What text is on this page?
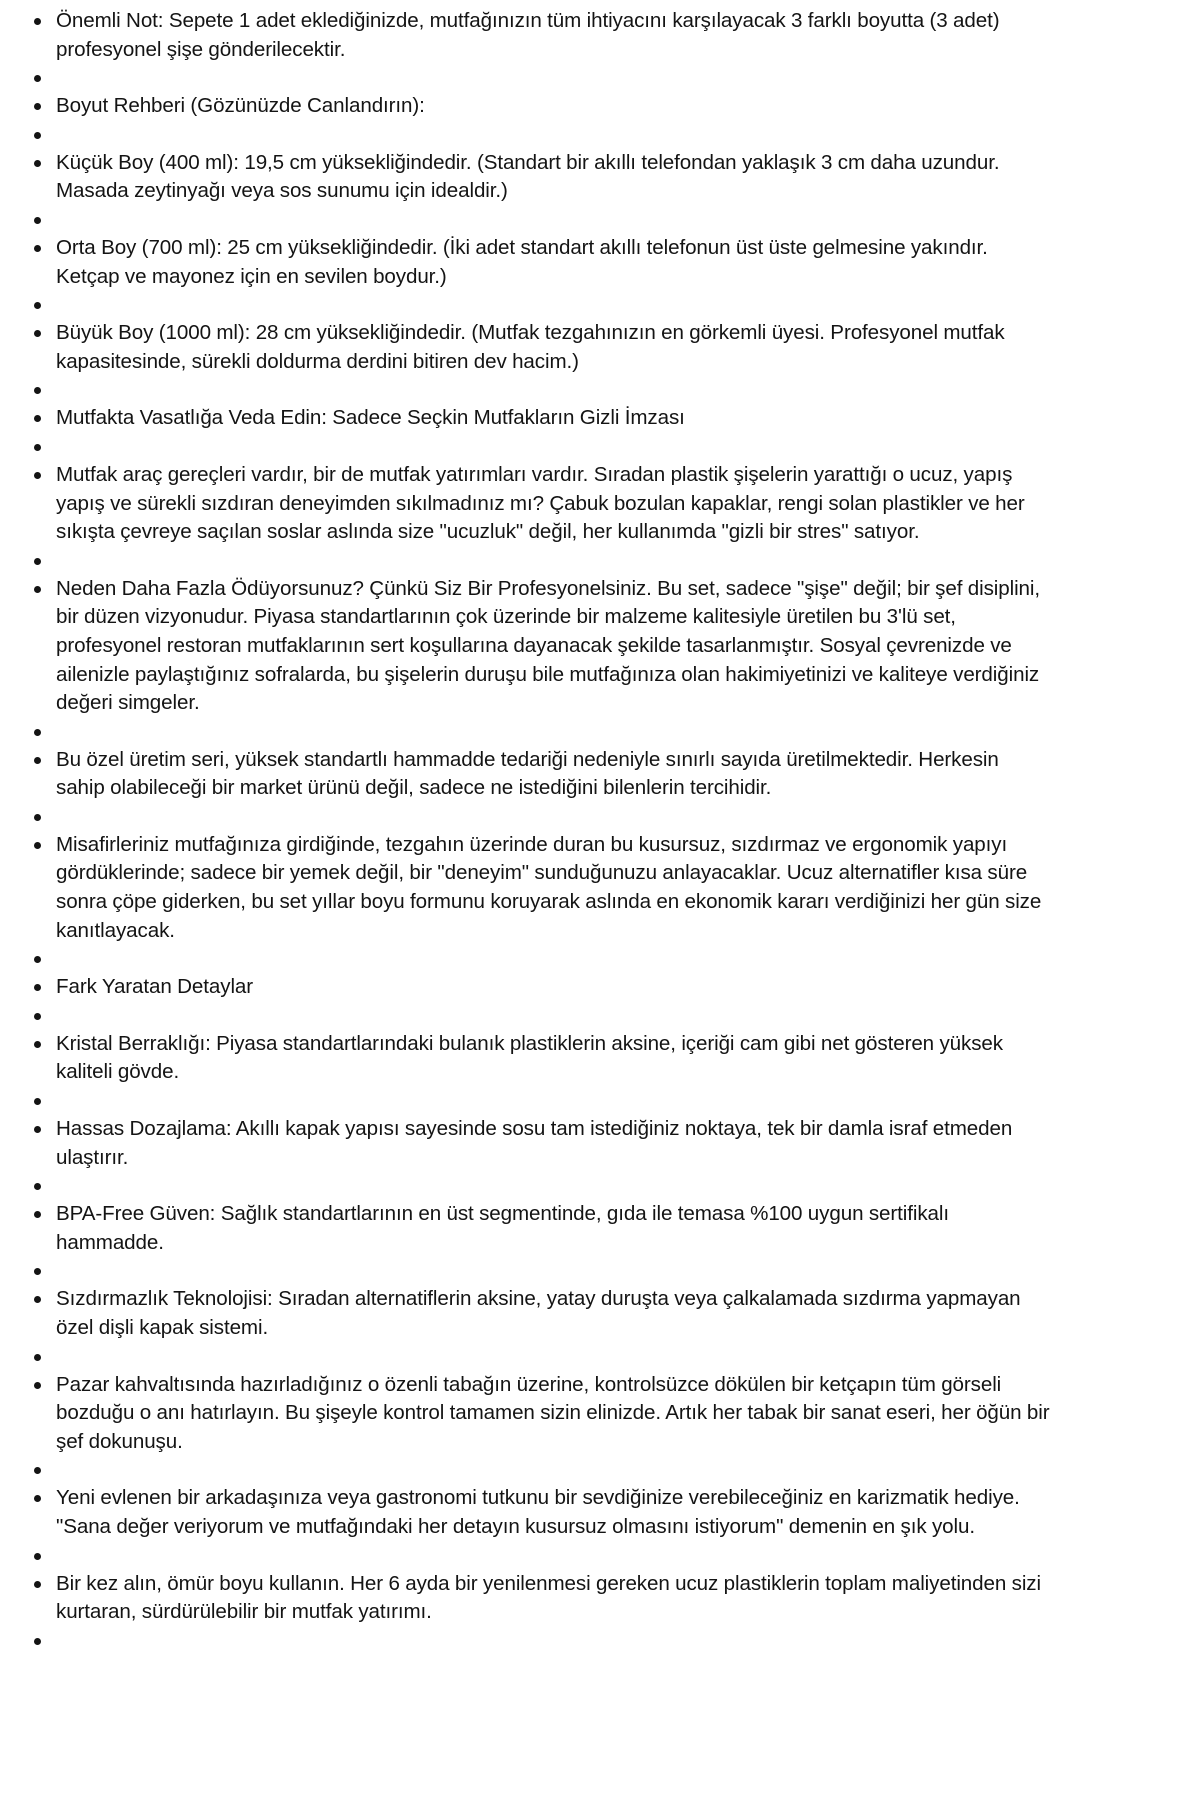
Önemli Not: Sepete 1 adet eklediğinizde, mutfağınızın tüm ihtiyacını karşılayacak 3 farklı boyutta (3 adet) profesyonel şişe gönderilecektir.
Boyut Rehberi (Gözünüzde Canlandırın):
Küçük Boy (400 ml): 19,5 cm yüksekliğindedir. (Standart bir akıllı telefondan yaklaşık 3 cm daha uzundur. Masada zeytinyağı veya sos sunumu için idealdir.)
Orta Boy (700 ml): 25 cm yüksekliğindedir. (İki adet standart akıllı telefonun üst üste gelmesine yakındır. Ketçap ve mayonez için en sevilen boydur.)
Büyük Boy (1000 ml): 28 cm yüksekliğindedir. (Mutfak tezgahınızın en görkemli üyesi. Profesyonel mutfak kapasitesinde, sürekli doldurma derdini bitiren dev hacim.)
Mutfakta Vasatlığa Veda Edin: Sadece Seçkin Mutfakların Gizli İmzası
Mutfak araç gereçleri vardır, bir de mutfak yatırımları vardır. Sıradan plastik şişelerin yarattığı o ucuz, yapış yapış ve sürekli sızdıran deneyimden sıkılmadınız mı? Çabuk bozulan kapaklar, rengi solan plastikler ve her sıkışta çevreye saçılan soslar aslında size "ucuzluk" değil, her kullanımda "gizli bir stres" satıyor.
Neden Daha Fazla Ödüyorsunuz? Çünkü Siz Bir Profesyonelsiniz. Bu set, sadece "şişe" değil; bir şef disiplini, bir düzen vizyonudur. Piyasa standartlarının çok üzerinde bir malzeme kalitesiyle üretilen bu 3'lü set, profesyonel restoran mutfaklarının sert koşullarına dayanacak şekilde tasarlanmıştır. Sosyal çevrenizde ve ailenizle paylaştığınız sofralarda, bu şişelerin duruşu bile mutfağınıza olan hakimiyetinizi ve kaliteye verdiğiniz değeri simgeler.
Bu özel üretim seri, yüksek standartlı hammadde tedariği nedeniyle sınırlı sayıda üretilmektedir. Herkesin sahip olabileceği bir market ürünü değil, sadece ne istediğini bilenlerin tercihidir.
Misafirleriniz mutfağınıza girdiğinde, tezgahın üzerinde duran bu kusursuz, sızdırmaz ve ergonomik yapıyı gördüklerinde; sadece bir yemek değil, bir "deneyim" sunduğunuzu anlayacaklar. Ucuz alternatifler kısa süre sonra çöpe giderken, bu set yıllar boyu formunu koruyarak aslında en ekonomik kararı verdiğinizi her gün size kanıtlayacak.
Fark Yaratan Detaylar
Kristal Berraklığı: Piyasa standartlarındaki bulanık plastiklerin aksine, içeriği cam gibi net gösteren yüksek kaliteli gövde.
Hassas Dozajlama: Akıllı kapak yapısı sayesinde sosu tam istediğiniz noktaya, tek bir damla israf etmeden ulaştırır.
BPA-Free Güven: Sağlık standartlarının en üst segmentinde, gıda ile temasa %100 uygun sertifikalı hammadde.
Sızdırmazlık Teknolojisi: Sıradan alternatiflerin aksine, yatay duruşta veya çalkalamada sızdırma yapmayan özel dişli kapak sistemi.
Pazar kahvaltısında hazırladığınız o özenli tabağın üzerine, kontrolsüzce dökülen bir ketçapın tüm görseli bozduğu o anı hatırlayın. Bu şişeyle kontrol tamamen sizin elinizde. Artık her tabak bir sanat eseri, her öğün bir şef dokunuşu.
Yeni evlenen bir arkadaşınıza veya gastronomi tutkunu bir sevdiğinize verebileceğiniz en karizmatik hediye. "Sana değer veriyorum ve mutfağındaki her detayın kusursuz olmasını istiyorum" demenin en şık yolu.
Bir kez alın, ömür boyu kullanın. Her 6 ayda bir yenilenmesi gereken ucuz plastiklerin toplam maliyetinden sizi kurtaran, sürdürülebilir bir mutfak yatırımı.
